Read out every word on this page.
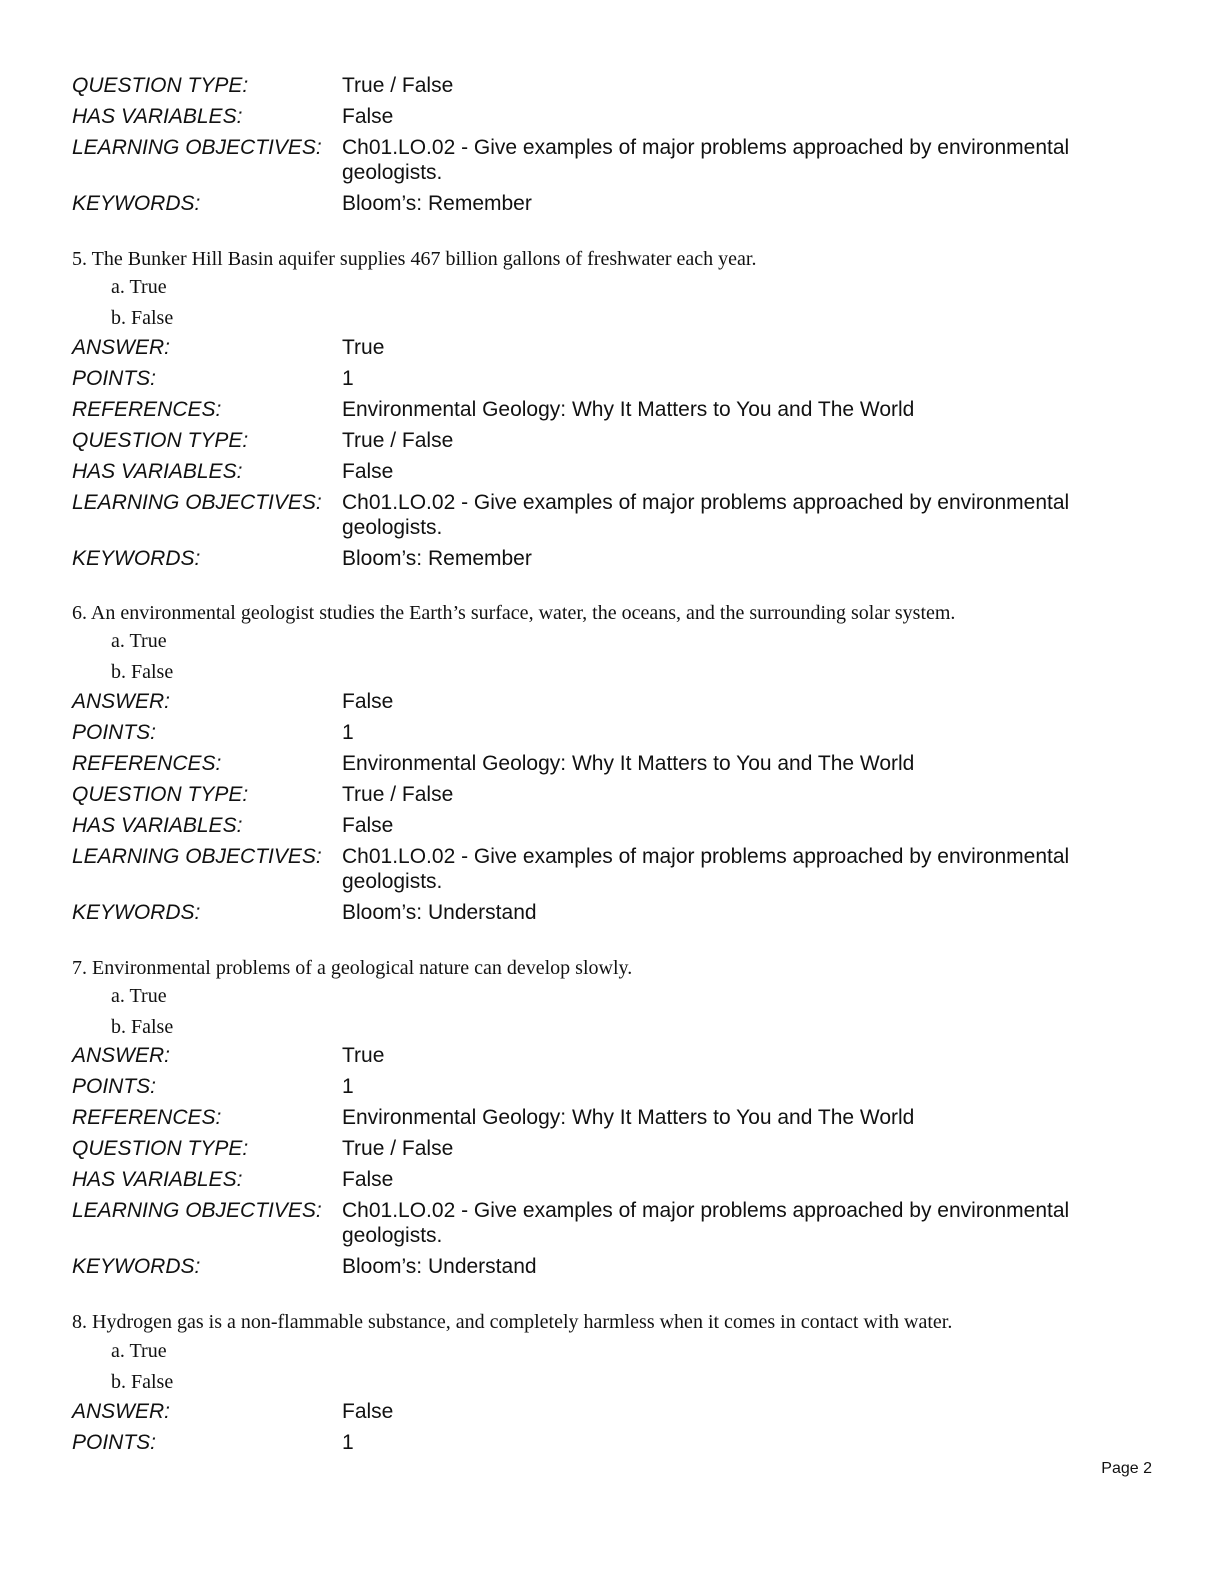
QUESTION TYPE:	True / False
HAS VARIABLES:	False
LEARNING OBJECTIVES: Ch01.LO.02 - Give examples of major problems approached by environmental geologists.
KEYWORDS:	Bloom’s: Remember
5. The Bunker Hill Basin aquifer supplies 467 billion gallons of freshwater each year.
a. True
b. False
ANSWER:	True
POINTS:	1
REFERENCES:	Environmental Geology: Why It Matters to You and The World
QUESTION TYPE:	True / False
HAS VARIABLES:	False
LEARNING OBJECTIVES: Ch01.LO.02 - Give examples of major problems approached by environmental geologists.
KEYWORDS:	Bloom’s: Remember
6. An environmental geologist studies the Earth’s surface, water, the oceans, and the surrounding solar system.
a. True
b. False
ANSWER:	False
POINTS:	1
REFERENCES:	Environmental Geology: Why It Matters to You and The World
QUESTION TYPE:	True / False
HAS VARIABLES:	False
LEARNING OBJECTIVES: Ch01.LO.02 - Give examples of major problems approached by environmental geologists.
KEYWORDS:	Bloom’s: Understand
7. Environmental problems of a geological nature can develop slowly.
a. True
b. False
ANSWER:	True
POINTS:	1
REFERENCES:	Environmental Geology: Why It Matters to You and The World
QUESTION TYPE:	True / False
HAS VARIABLES:	False
LEARNING OBJECTIVES: Ch01.LO.02 - Give examples of major problems approached by environmental geologists.
KEYWORDS:	Bloom’s: Understand
8. Hydrogen gas is a non-flammable substance, and completely harmless when it comes in contact with water.
a. True
b. False
ANSWER:	False
POINTS:	1
Page 2
